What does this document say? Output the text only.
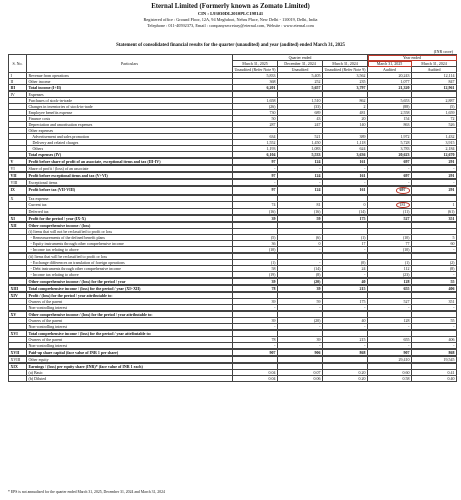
Eternal Limited (Formerly known as Zomato Limited)
CIN : L93030DL2010PLC198141
Registered office : Ground Floor, 12A, 94 Meghdoot, Nehru Place, New Delhi - 110019, Delhi, India
Telephone : 011-40592373, Email : companysecretary@eternal.com, Website : www.eternal.com
Statement of consolidated financial results for the quarter (unaudited) and year (audited) ended March 31, 2025
(INR crore)
S. No.	Particulars	Quarter ended			Year ended	
		March 31, 2025	December 31, 2024	March 31, 2024	March 31, 2025	March 31, 2024
		Unaudited (Refer Note 9)	Unaudited	Unaudited (Refer Note 9)	Audited	Audited
I	Revenue from operations	5,833	5,405	3,562	20,243	12,114
II	Other income	368	252	235	1,077	847
III	Total income (I+II)	6,201	5,657	3,797	21,320	12,961

IV	Expenses					
	Purchases of stock-in-trade	1,658	1,510	862	5,653	2,887
	Changes in inventories of stock-in-trade	(26)	(33)	2	(88)	(5)
	Employee benefits expense	730	689	481	2,558	1,659
	Finance costs	50	43	20	154	72
	Depreciation and amortisation expenses	287	247	140	863	526
	Other expenses					
	Advertisement and sales promotion	634	521	389	1,972	1,432
	Delivery and related charges	1,552	1,450	1,118	5,728	3,915
	Others	1,193	1,083	624	3,783	2,184
	Total expenses (IV)	6,104	5,533	3,636	20,623	12,670

V	Profit before share of profit of an associate, exceptional items and tax (III-IV)	97	124	161	697	291

VI	Share of profit / (loss) of an associate	-	-	-	-	-

VII	Profit before exceptional items and tax (V+VI)	97	124	161	697	291

VIII	Exceptional items	-	-	-	-	-

IX	Profit before tax (VII-VIII)	97	124	161	697	291

X	Tax expense:					
	Current tax	74	81	0	181	1
	Deferred tax	(16)	(16)	(14)	(11)	(61)

XI	Profit for the period / year (IX-X)	39	59	175	527	351

XII	Other comprehensive income / (loss)					
	(i) Items that will not be reclassified to profit or loss					
	- Remeasurements of the defined benefit plans	(5)	(6)	(1)	(10)	5
	- Equity instruments through other comprehensive income	36	0	17	77	60
	- Income tax relating to above	(10)	-	-	(10)	-

	(ii) Items that will be reclassified to profit or loss					
	- Exchange differences on translation of foreign operations	(1)	-	(0)	(1)	(2)
	- Debt instruments through other comprehensive income	58	(14)	24	112	(8)
	- Income tax relating to above	(19)	(8)	-	(23)	-

	Other comprehensive income / (loss) for the period / year	39	(20)	40	128	55

XIII	Total comprehensive income / (loss) for the period / year (XI+XII)	78	39	215	655	406

XIV	Profit / (loss) for the period / year attributable to:					
	Owners of the parent	39	59	175	527	351
	Non-controlling interest	-	-	-	-	-

XV	Other comprehensive income / (loss) for the period / year attributable to:					
	Owners of the parent	39	(20)	40	128	55
	Non-controlling interest	-	-	-	-	-

XVI	Total comprehensive income / (loss) for the period / year attributable to:					
	Owners of the parent	78	39	215	655	406
	Non-controlling interest	-	-	-	-	-

XVII	Paid-up share capital (face value of INR 1 per share)	907	906	868	907	868

XVIII	Other equity				29,410	19,545

XIX	Earnings / (loss) per equity share (INR)* (face value of INR 1 each)					
	(a) Basic	0.04	0.07	0.20	0.60	0.41
	(b) Diluted	0.04	0.06	0.20	0.58	0.40
* EPS is not annualised for the quarter ended March 31, 2025, December 31, 2024 and March 31, 2024
